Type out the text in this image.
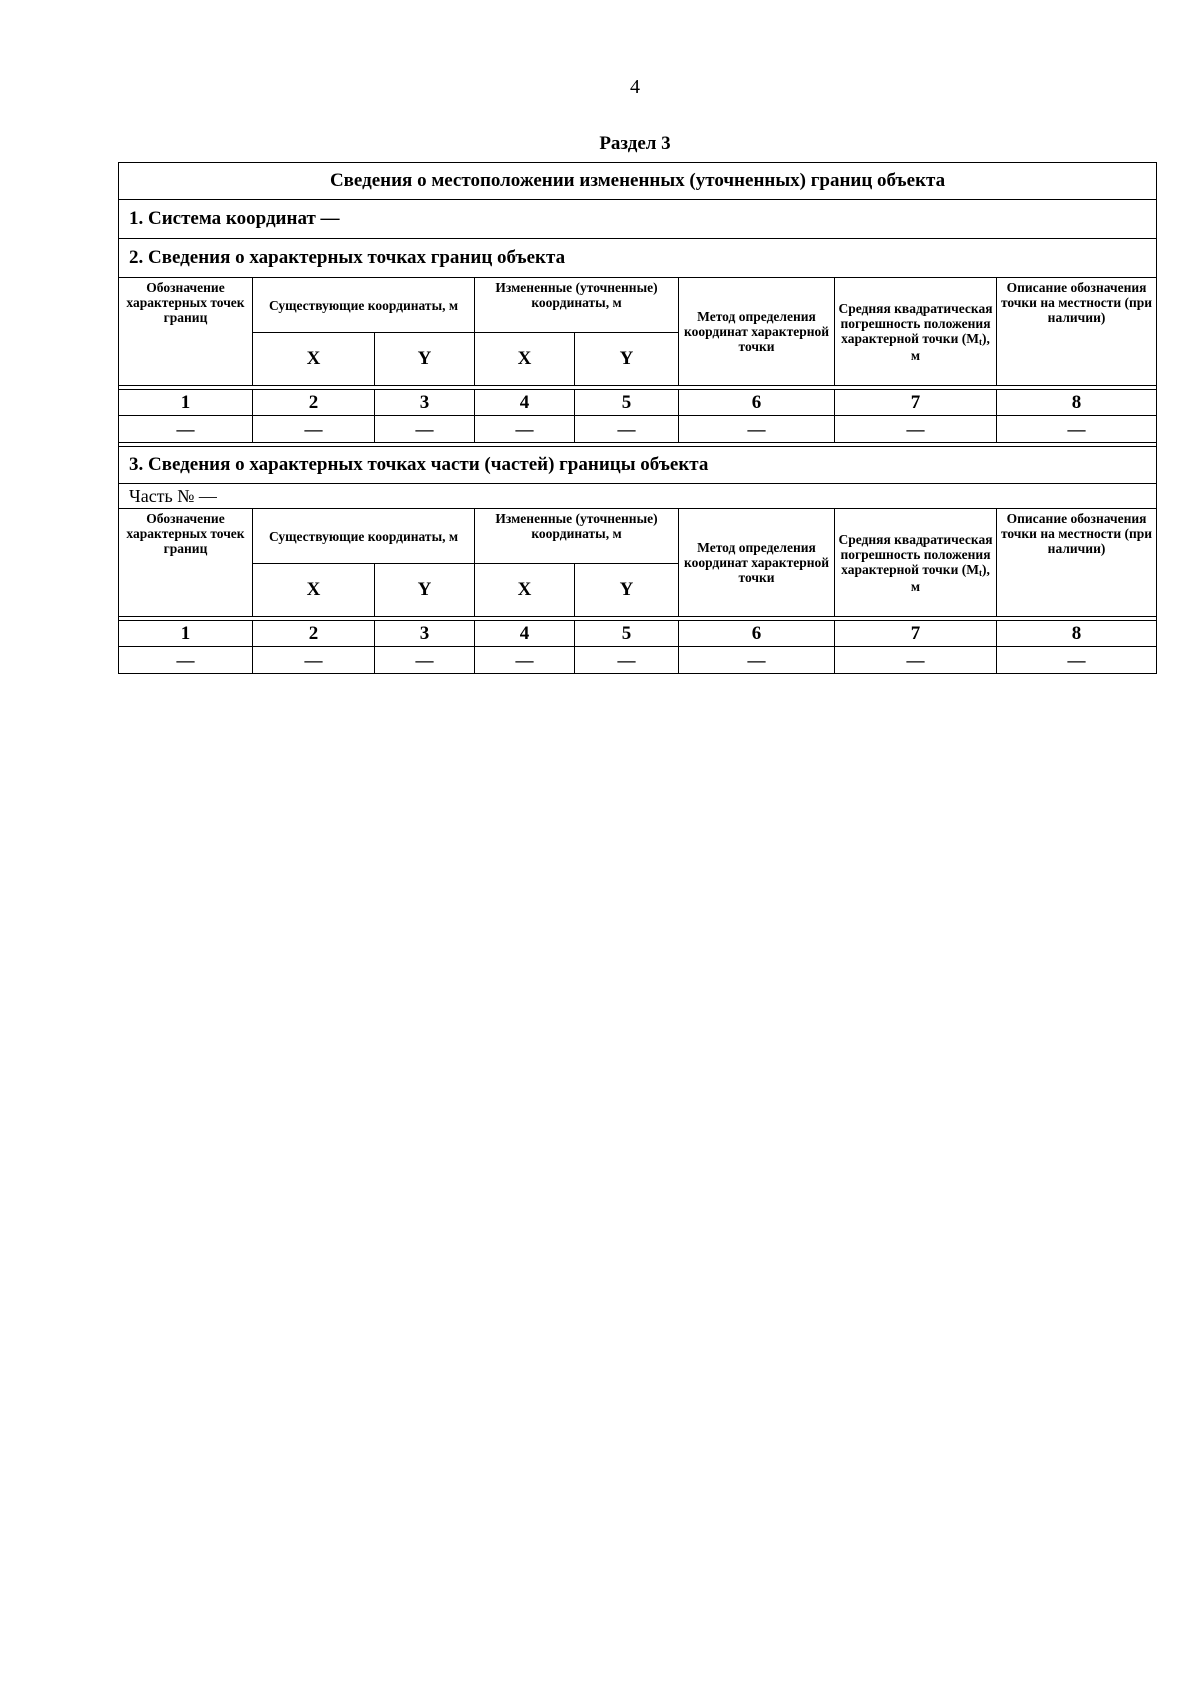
4
Раздел 3
Сведения о местоположении измененных (уточненных) границ объекта							
1. Система координат —							
2. Сведения о характерных точках границ объекта							
Обозначение характерных точек границ	Существующие координаты, м		Измененные (уточненные) координаты, м		Метод определения координат характерной точки	Средняя квадратическая погрешность положения характерной точки (Mt), м	Описание обозначения точки на местности (при наличии)
	X	Y	X	Y			

1	2	3	4	5	6	7	8
—	—	—	—	—	—	—	—

3. Сведения о характерных точках части (частей) границы объекта							
Часть № —							
Обозначение характерных точек границ	Существующие координаты, м		Измененные (уточненные) координаты, м		Метод определения координат характерной точки	Средняя квадратическая погрешность положения характерной точки (Mt), м	Описание обозначения точки на местности (при наличии)
	X	Y	X	Y			

1	2	3	4	5	6	7	8
—	—	—	—	—	—	—	—
